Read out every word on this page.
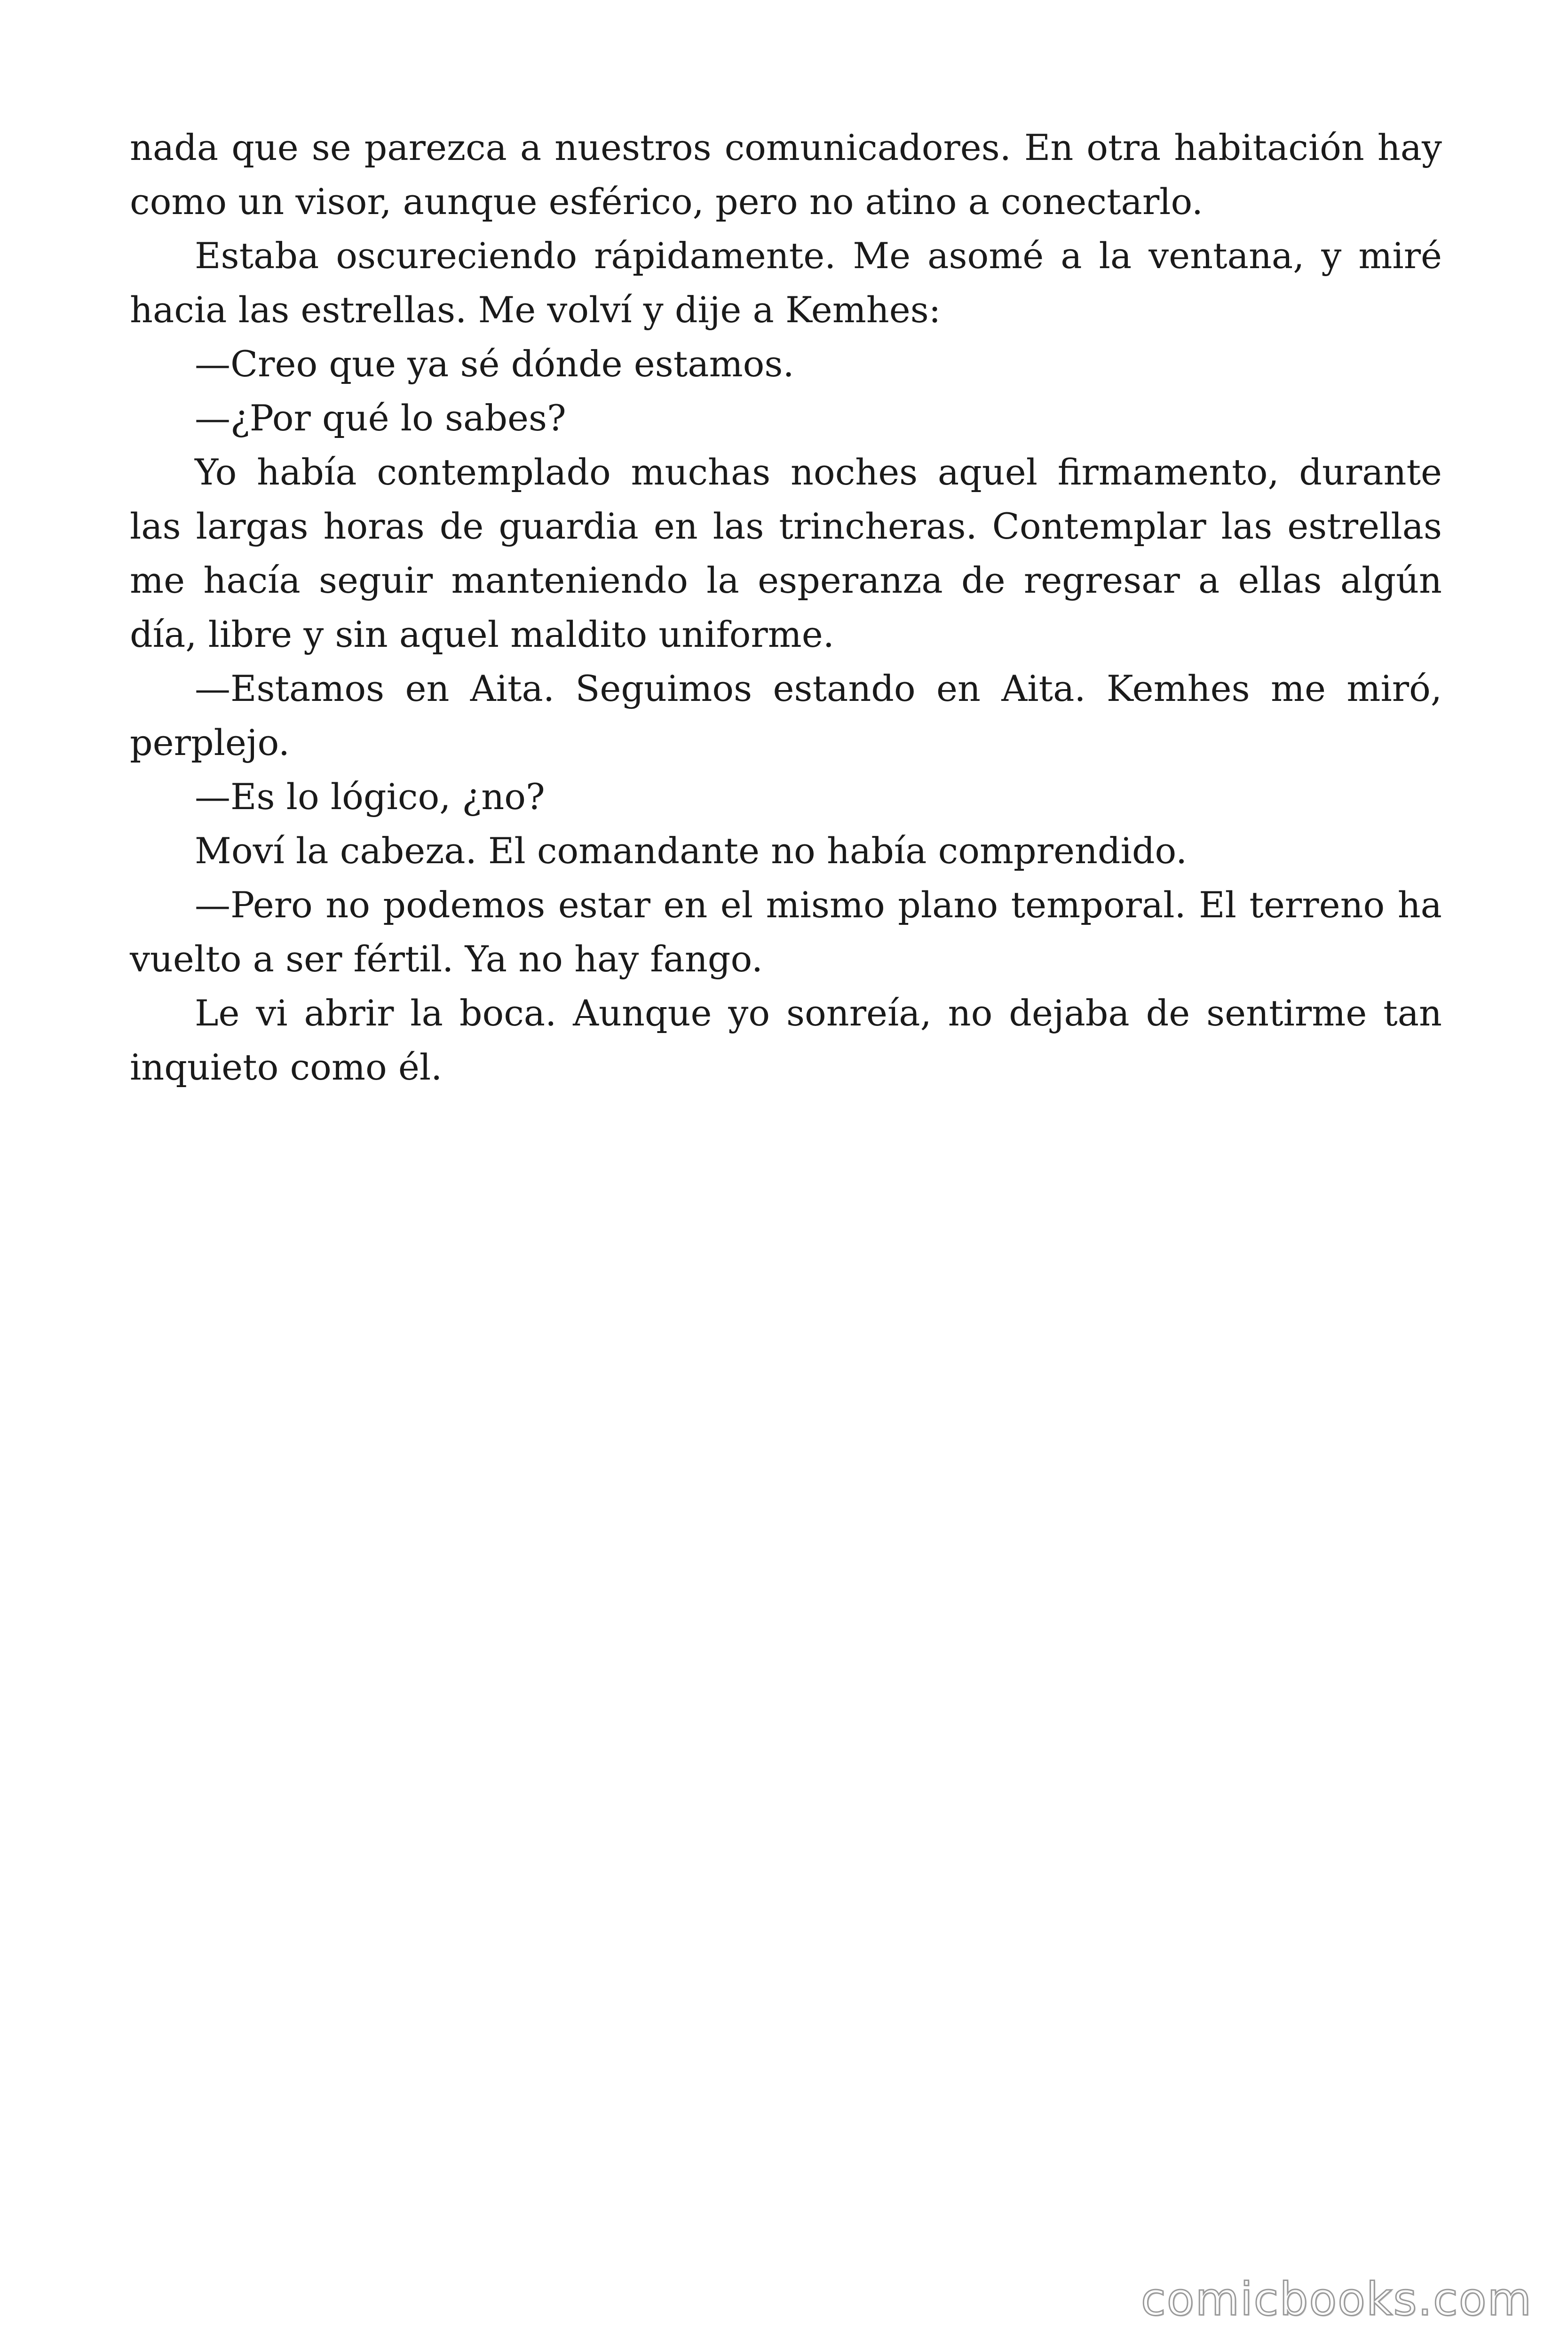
nada que se parezca a nuestros comunicadores. En otra habitación hay como un visor, aunque esférico, pero no atino a conectarlo.

Estaba oscureciendo rápidamente. Me asomé a la ventana, y miré hacia las estrellas. Me volví y dije a Kemhes:

—Creo que ya sé dónde estamos.

—¿Por qué lo sabes?

Yo había contemplado muchas noches aquel firmamento, durante las largas horas de guardia en las trincheras. Contemplar las estrellas me hacía seguir manteniendo la esperanza de regresar a ellas algún día, libre y sin aquel maldito uniforme.

—Estamos en Aita. Seguimos estando en Aita. Kemhes me miró, perplejo.

—Es lo lógico, ¿no?

Moví la cabeza. El comandante no había comprendido.

—Pero no podemos estar en el mismo plano temporal. El terreno ha vuelto a ser fértil. Ya no hay fango.

Le vi abrir la boca. Aunque yo sonreía, no dejaba de sentirme tan inquieto como él.

comicbooks.com
